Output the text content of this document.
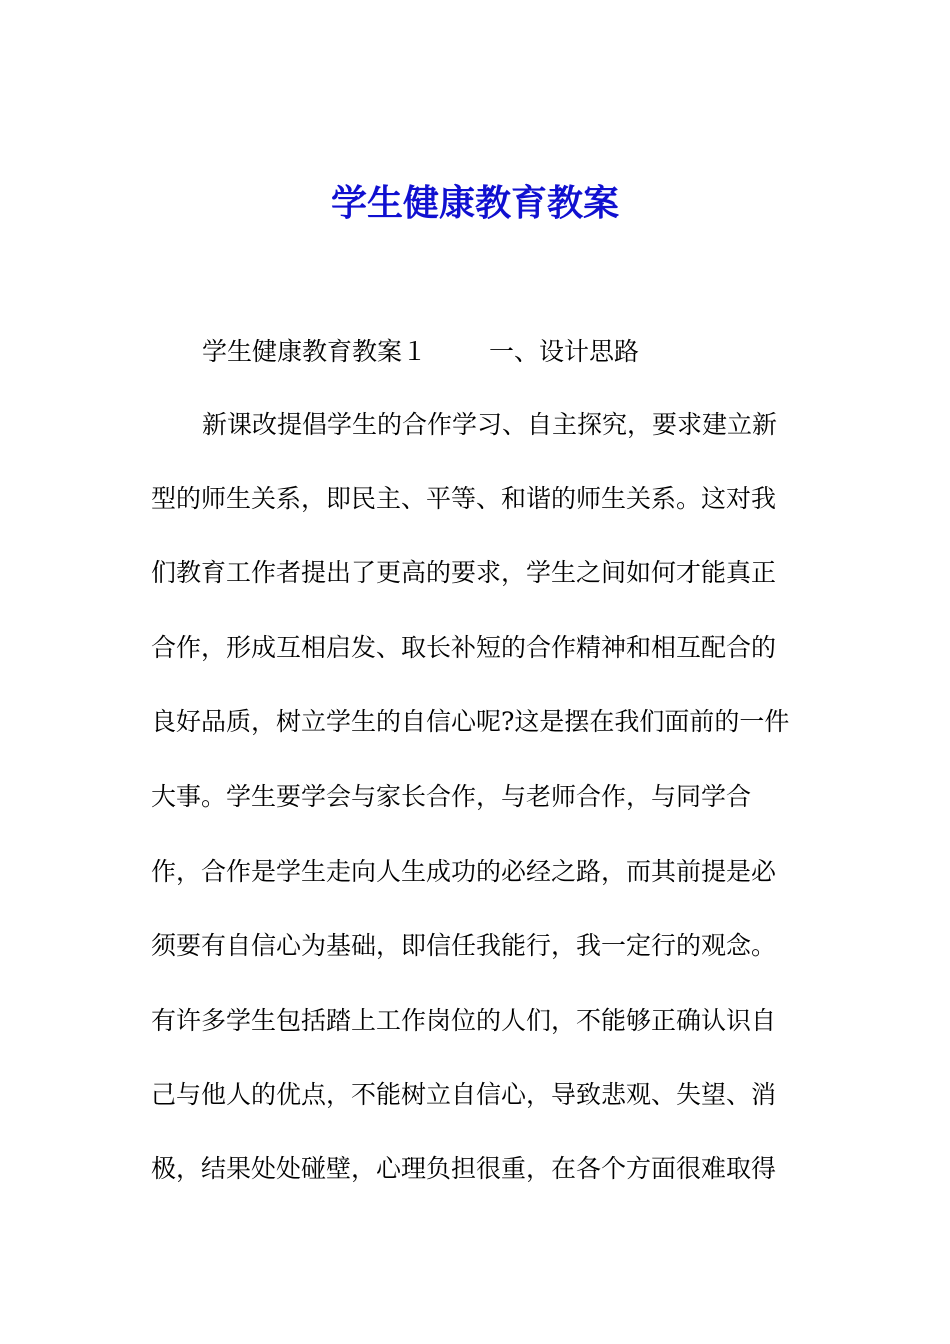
学生健康教育教案
学生健康教育教案１ 一、设计思路
新课改提倡学生的合作学习、自主探究，要求建立新
型的师生关系，即民主、平等、和谐的师生关系。这对我
们教育工作者提出了更高的要求，学生之间如何才能真正
合作，形成互相启发、取长补短的合作精神和相互配合的
良好品质，树立学生的自信心呢?这是摆在我们面前的一件
大事。学生要学会与家长合作，与老师合作，与同学合
作，合作是学生走向人生成功的必经之路，而其前提是必
须要有自信心为基础，即信任我能行，我一定行的观念。
有许多学生包括踏上工作岗位的人们，不能够正确认识自
己与他人的优点，不能树立自信心，导致悲观、失望、消
极，结果处处碰壁，心理负担很重，在各个方面很难取得
